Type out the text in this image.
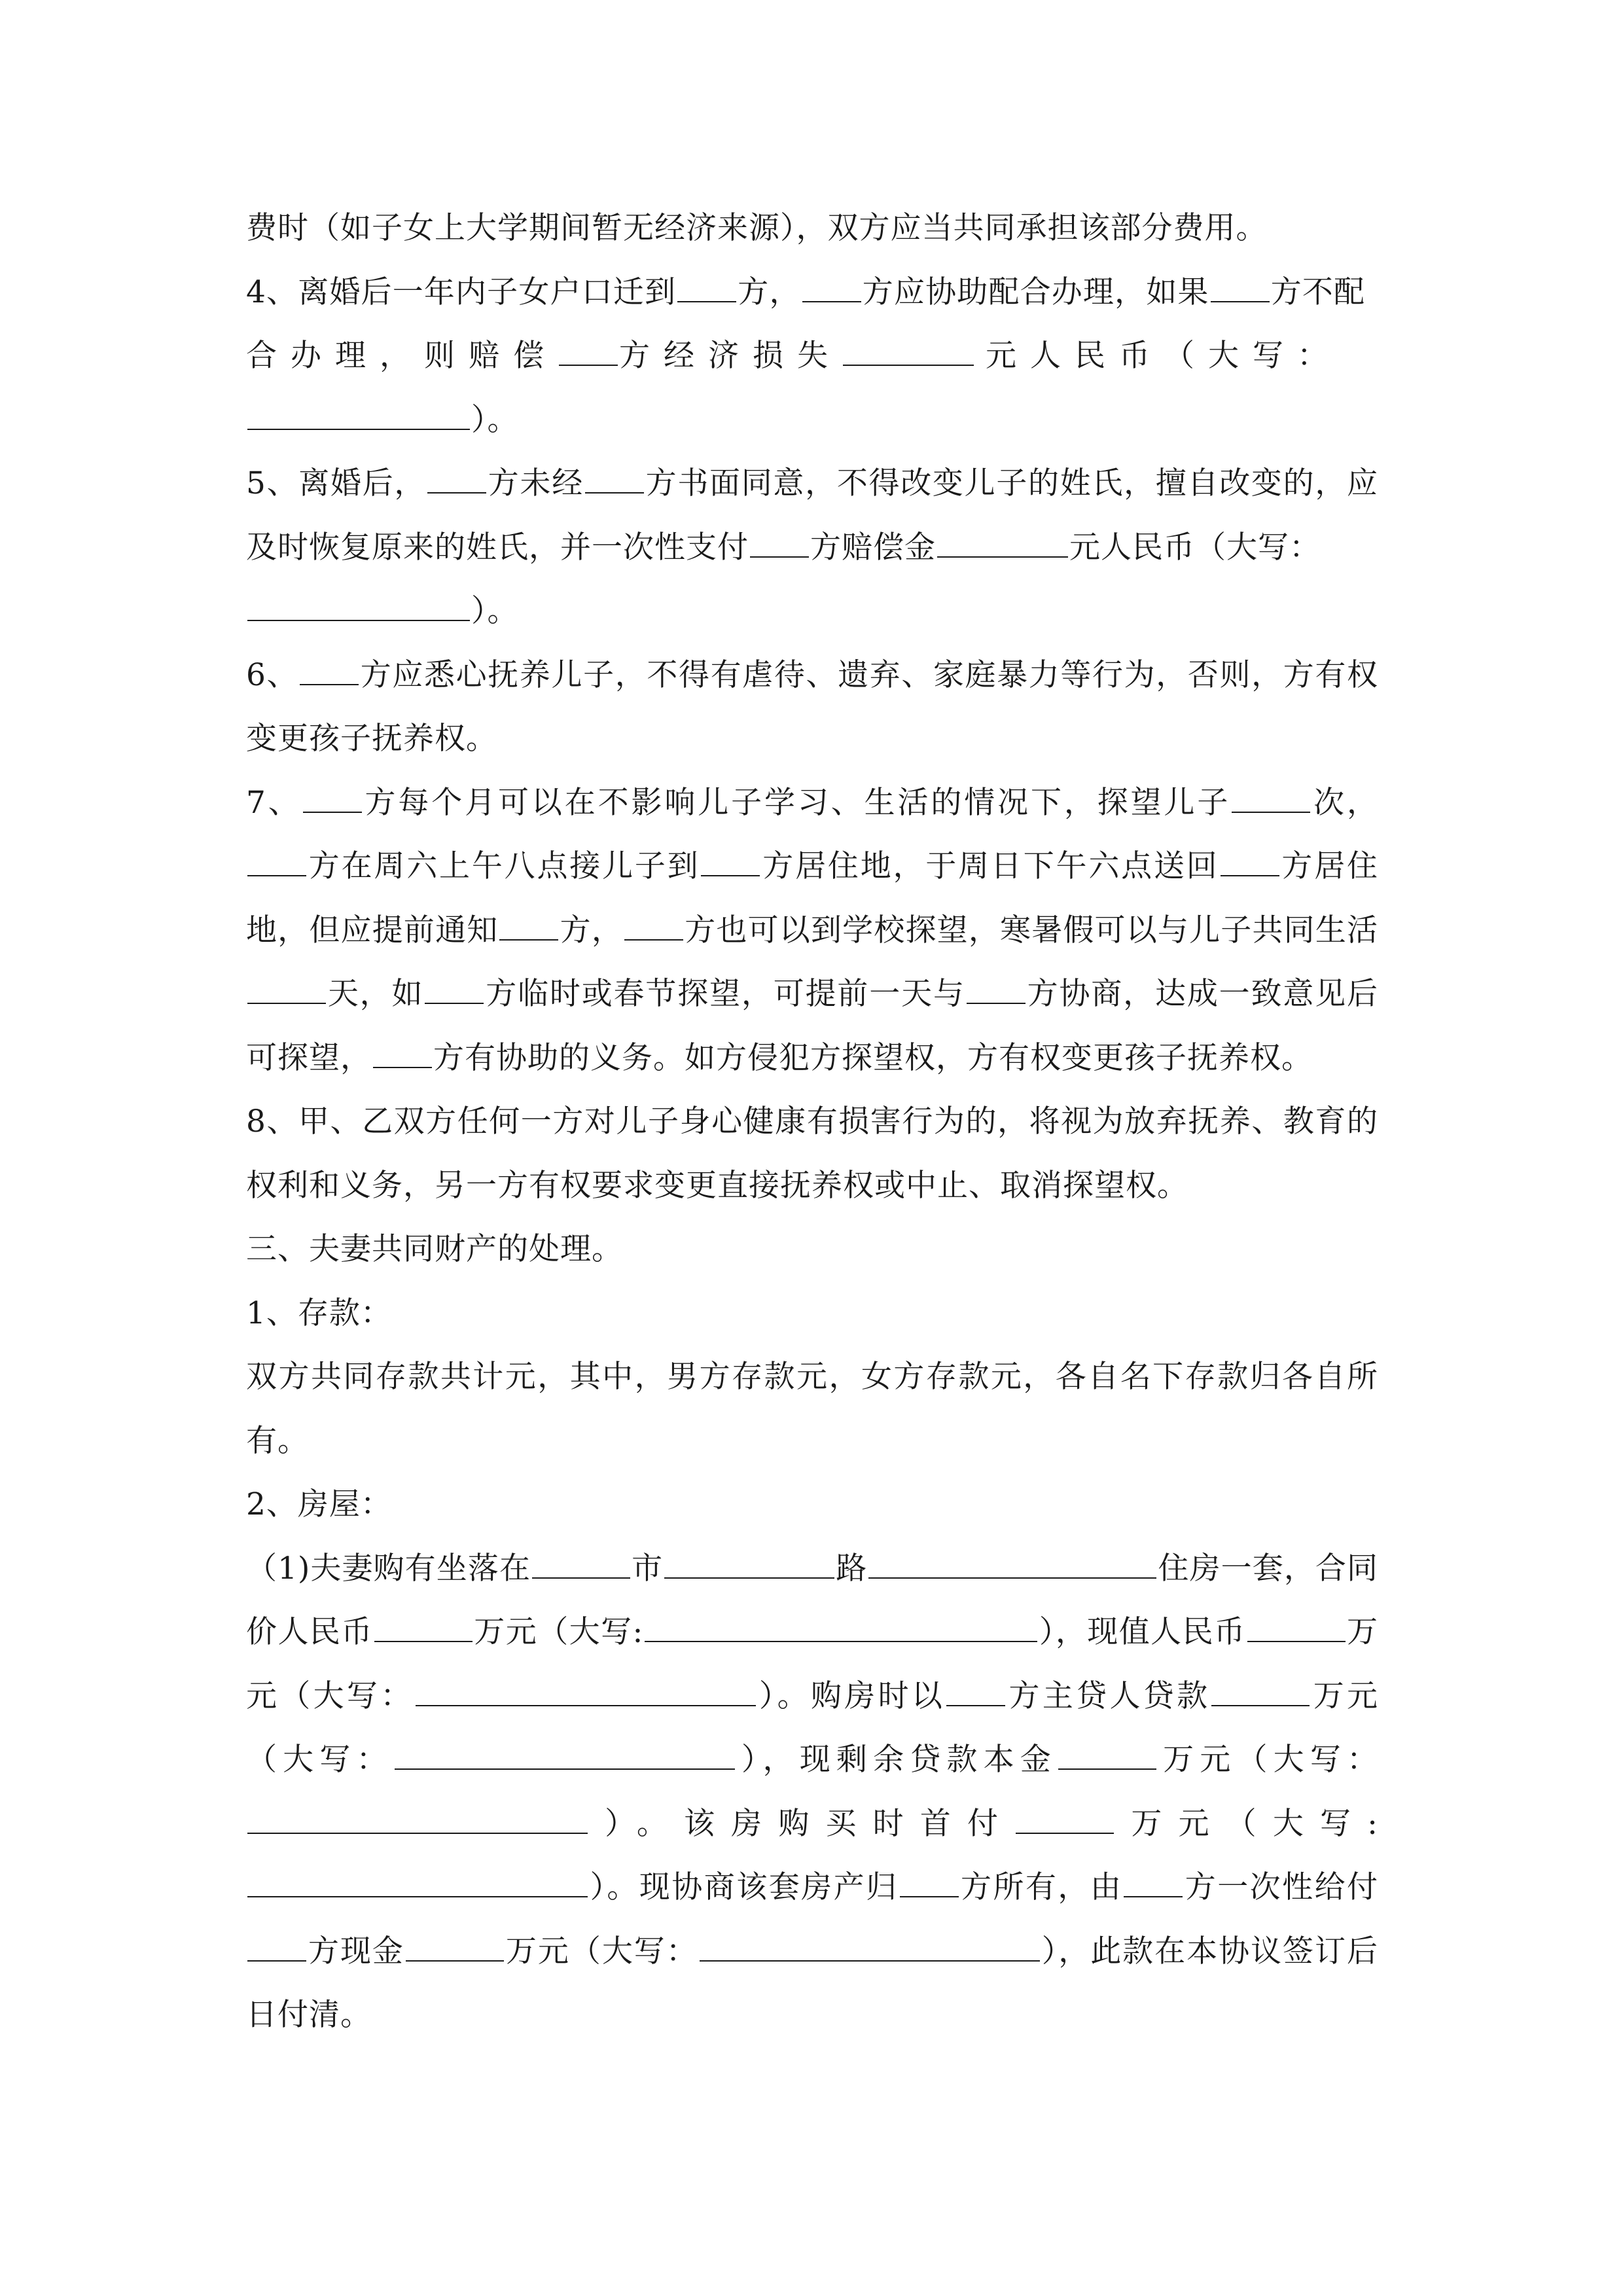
费时（如子女上大学期间暂无经济来源），双方应当共同承担该部分费用。

4、离婚后一年内子女户口迁到 方， 方应协助配合办理，如果 方不配合办理，则赔偿 方经济损失	元人民币（大写：
）。

5、离婚后， 方未经 方书面同意，不得改变儿子的姓氏，擅自改变的，应及时恢复原来的姓氏，并一次性支付 方赔偿金	元人民币（大写：
）。

6、 方应悉心抚养儿子，不得有虐待、遗弃、家庭暴力等行为，否则，方有权变更孩子抚养权。

7、 方每个月可以在不影响儿子学习、生活的情况下，探望儿子	次，方在周六上午八点接儿子到 方居住地，于周日下午六点送回 方居住地，但应提前通知 方， 方也可以到学校探望，寒暑假可以与儿子共同生活天，如 方临时或春节探望，可提前一天与 方协商，达成一致意见后可探望， 方有协助的义务。如方侵犯方探望权，方有权变更孩子抚养权。

8、甲、乙双方任何一方对儿子身心健康有损害行为的，将视为放弃抚养、教育的权利和义务，另一方有权要求变更直接抚养权或中止、取消探望权。

三、夫妻共同财产的处理。

1、存款：

双方共同存款共计元，其中，男方存款元，女方存款元，各自名下存款归各自所有。

2、房屋：

（1)夫妻购有坐落在	市	路	住房一套，合同价人民币	万元（大写:	），现值人民币	万元（大写：	）。购房时以 方主贷人贷款	万元（大写：	），现剩余贷款本金	万元（大写：）。该房购买时首付	万元（大写:）。现协商该套房产归 方所有，由 方一次性给付方现金	万元（大写：	），此款在本协议签订后日付清。
